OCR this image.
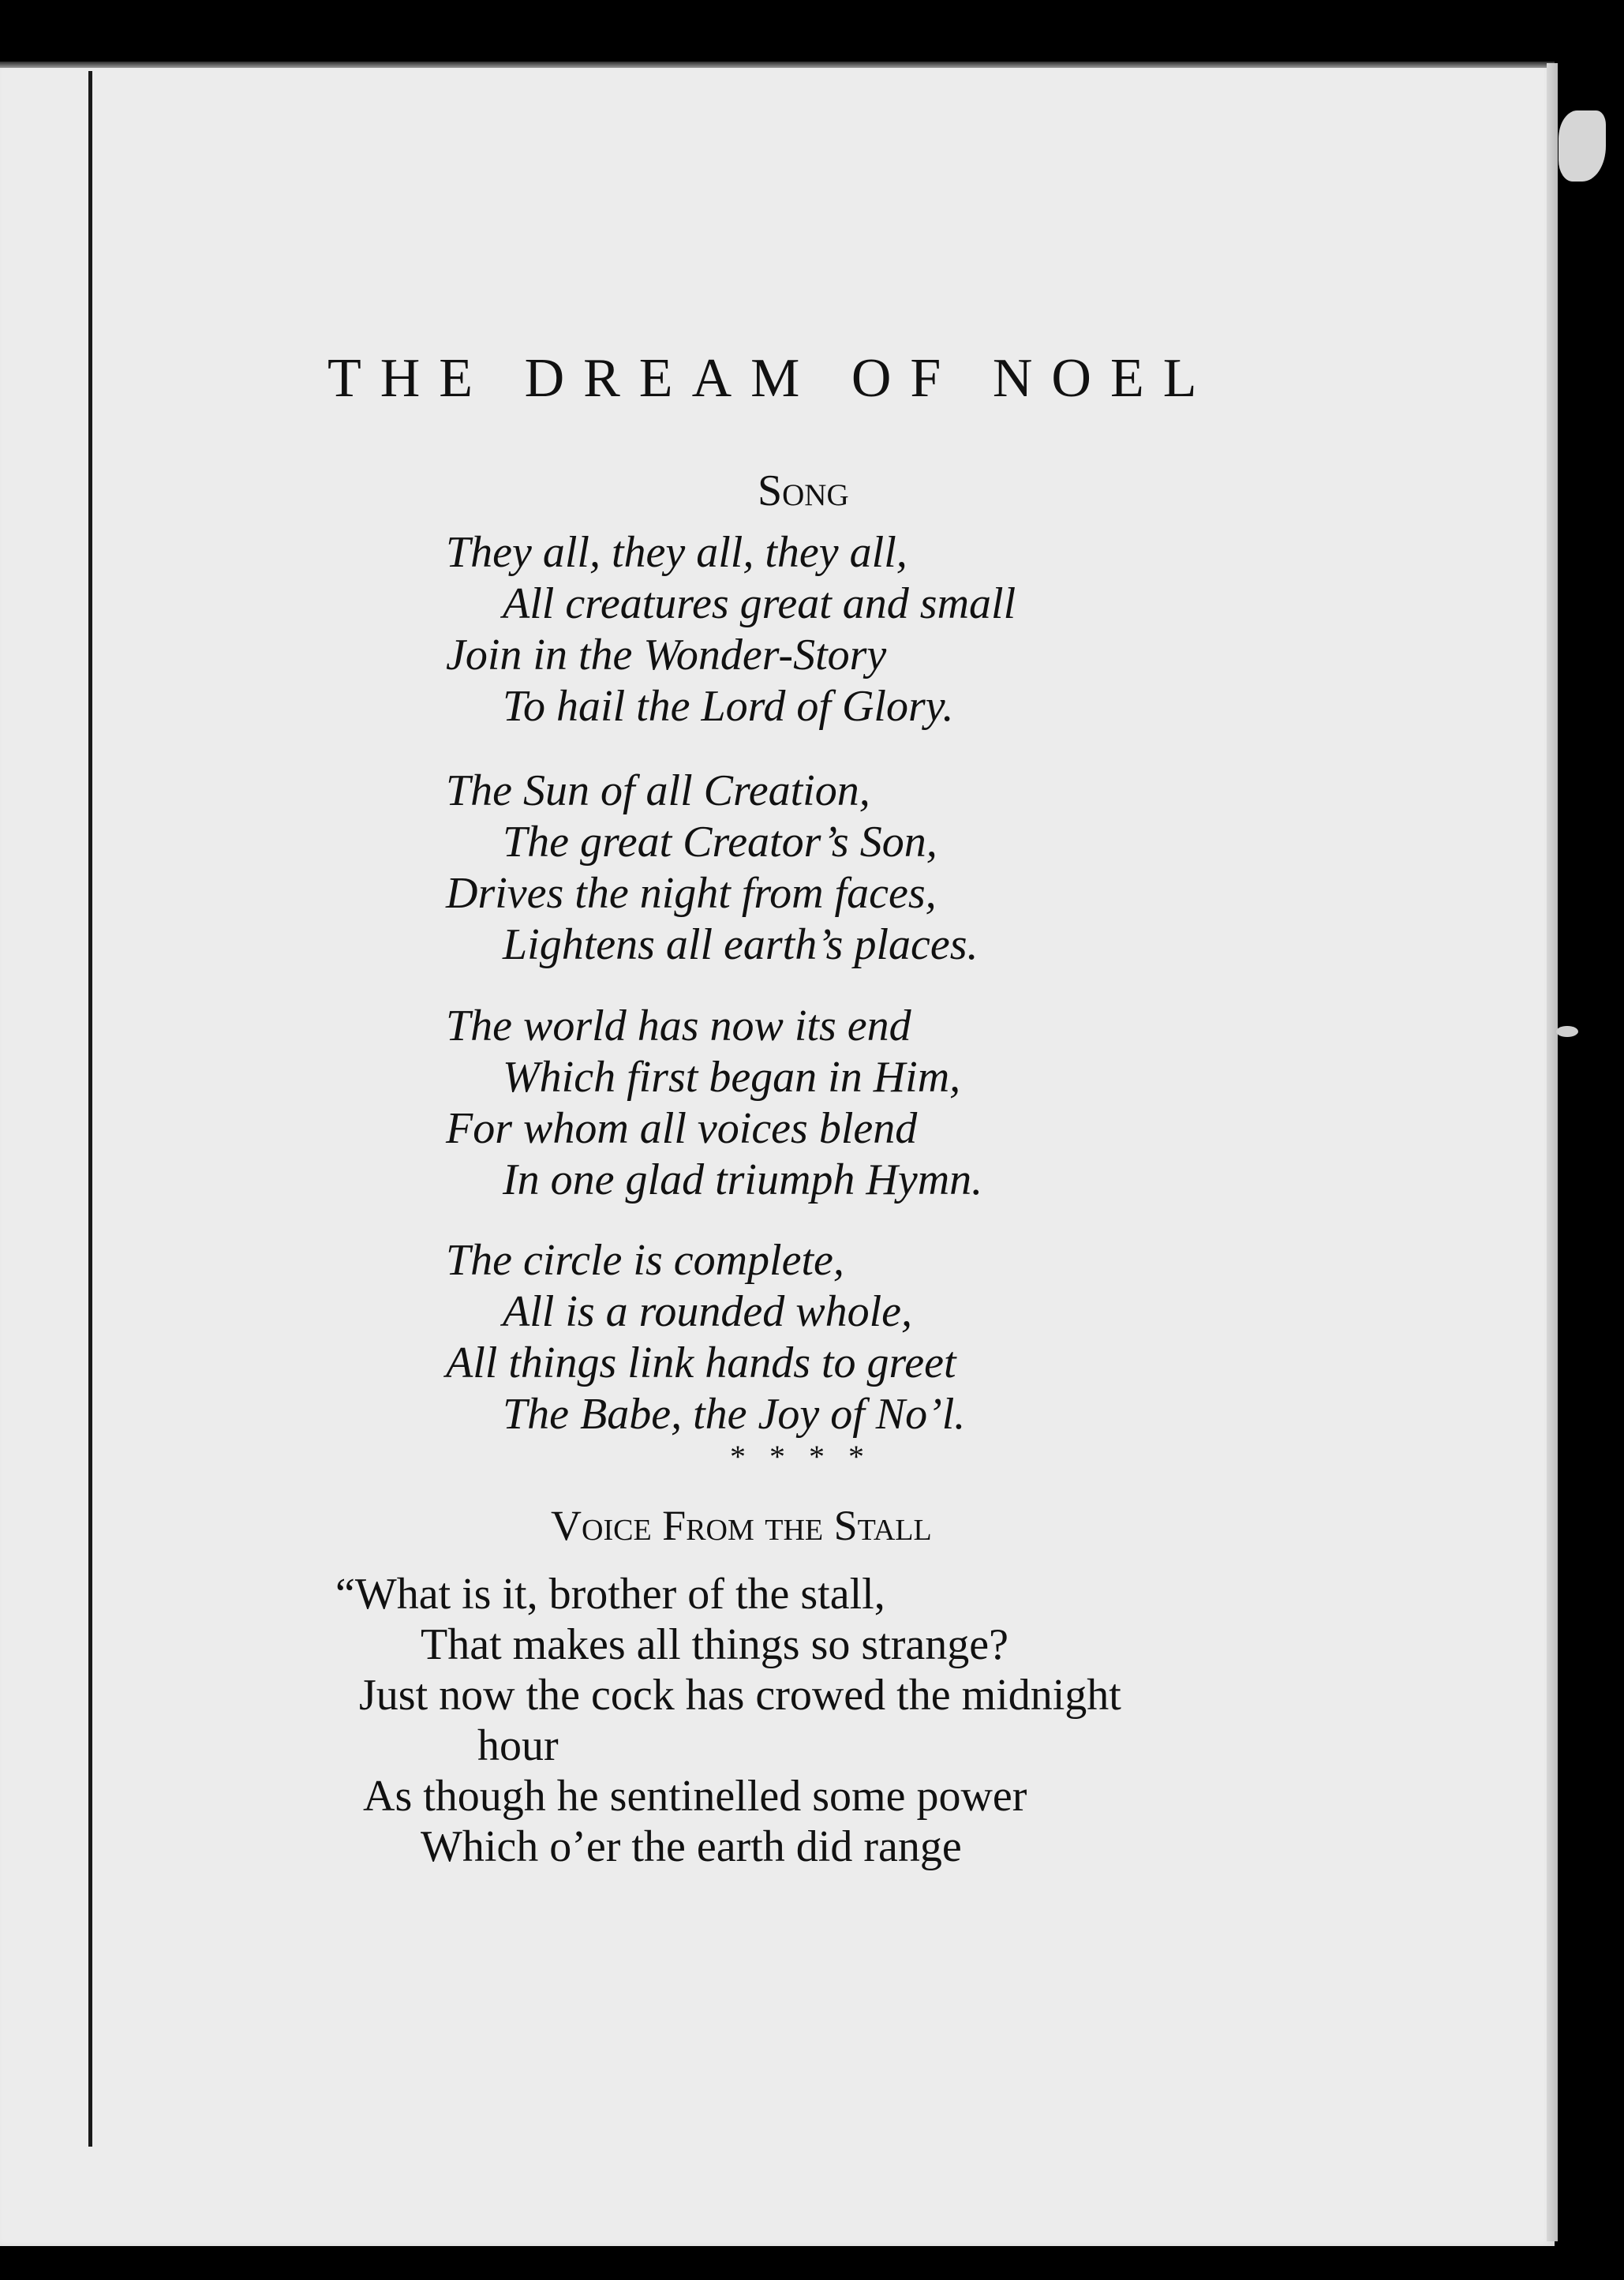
THE DREAM OF NOEL
Song
They all, they all, they all,
All creatures great and small
Join in the Wonder-Story
To hail the Lord of Glory.
The Sun of all Creation,
The great Creator’s Son,
Drives the night from faces,
Lightens all earth’s places.
The world has now its end
Which first began in Him,
For whom all voices blend
In one glad triumph Hymn.
The circle is complete,
All is a rounded whole,
All things link hands to greet
The Babe, the Joy of No’l.
* * * *
Voice From the Stall
“What is it, brother of the stall,
That makes all things so strange?
Just now the cock has crowed the midnight
hour
As though he sentinelled some power
Which o’er the earth did range
